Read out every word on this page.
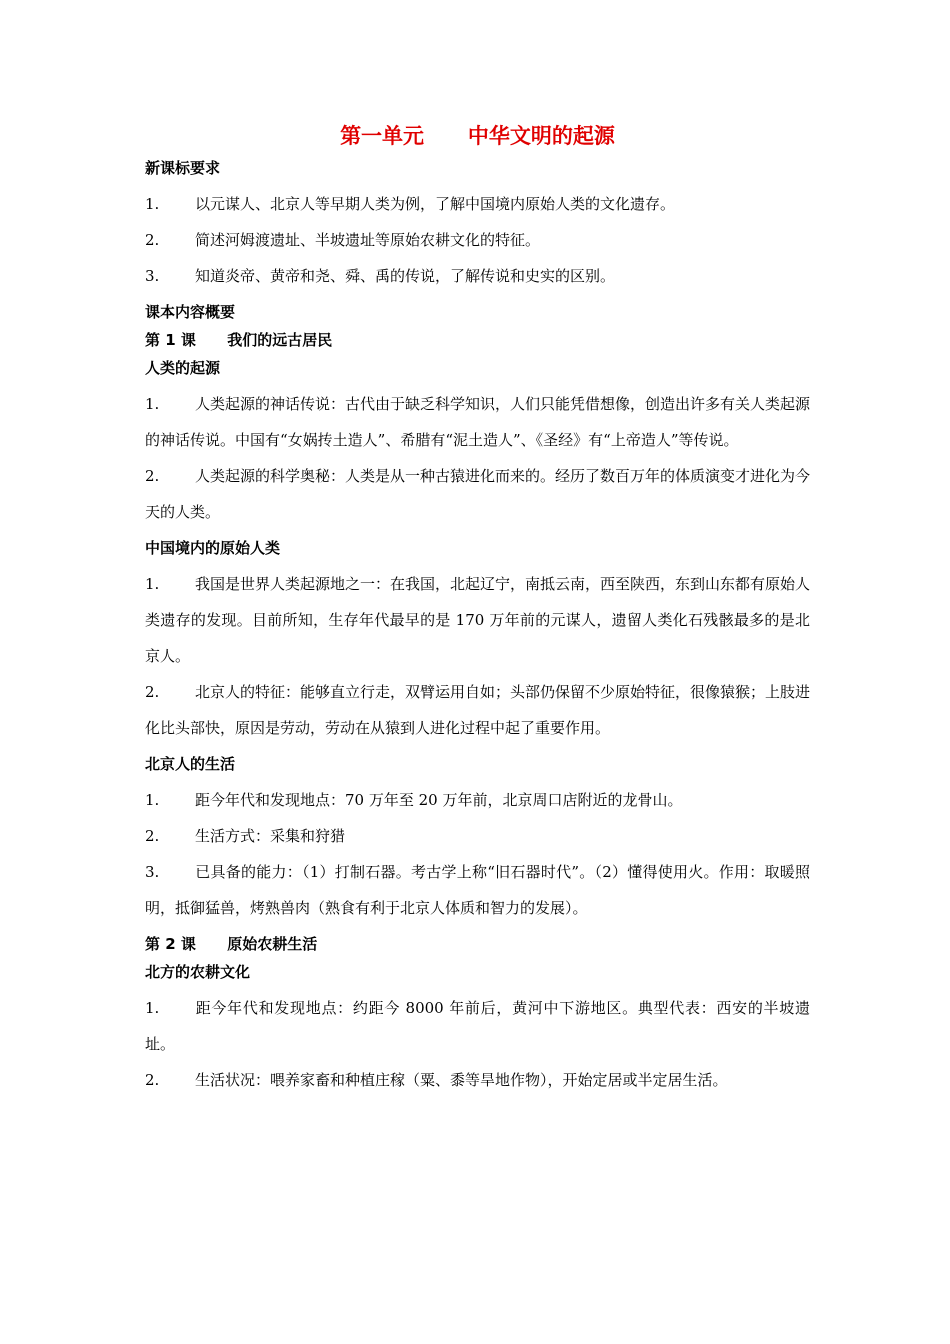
第一单元      中华文明的起源
新课标要求
1. 以元谋人、北京人等早期人类为例，了解中国境内原始人类的文化遗存。
2. 简述河姆渡遗址、半坡遗址等原始农耕文化的特征。
3. 知道炎帝、黄帝和尧、舜、禹的传说，了解传说和史实的区别。
课本内容概要
第 1 课      我们的远古居民
人类的起源
1. 人类起源的神话传说：古代由于缺乏科学知识，人们只能凭借想像，创造出许多有关人类起源的神话传说。中国有“女娲抟土造人”、希腊有“泥土造人”、《圣经》有“上帝造人”等传说。
2. 人类起源的科学奥秘：人类是从一种古猿进化而来的。经历了数百万年的体质演变才进化为今天的人类。
中国境内的原始人类
1. 我国是世界人类起源地之一：在我国，北起辽宁，南抵云南，西至陕西，东到山东都有原始人类遗存的发现。目前所知，生存年代最早的是 170 万年前的元谋人，遗留人类化石残骸最多的是北京人。
2. 北京人的特征：能够直立行走，双臂运用自如；头部仍保留不少原始特征，很像猿猴；上肢进化比头部快，原因是劳动，劳动在从猿到人进化过程中起了重要作用。
北京人的生活
1. 距今年代和发现地点：70 万年至 20 万年前，北京周口店附近的龙骨山。
2. 生活方式：采集和狩猎
3. 已具备的能力：（1）打制石器。考古学上称“旧石器时代”。（2）懂得使用火。作用：取暖照明，抵御猛兽，烤熟兽肉（熟食有利于北京人体质和智力的发展）。
第 2 课      原始农耕生活
北方的农耕文化
1. 距今年代和发现地点：约距今 8000 年前后，黄河中下游地区。典型代表：西安的半坡遗址。
2. 生活状况：喂养家畜和种植庄稼（粟、黍等旱地作物），开始定居或半定居生活。
